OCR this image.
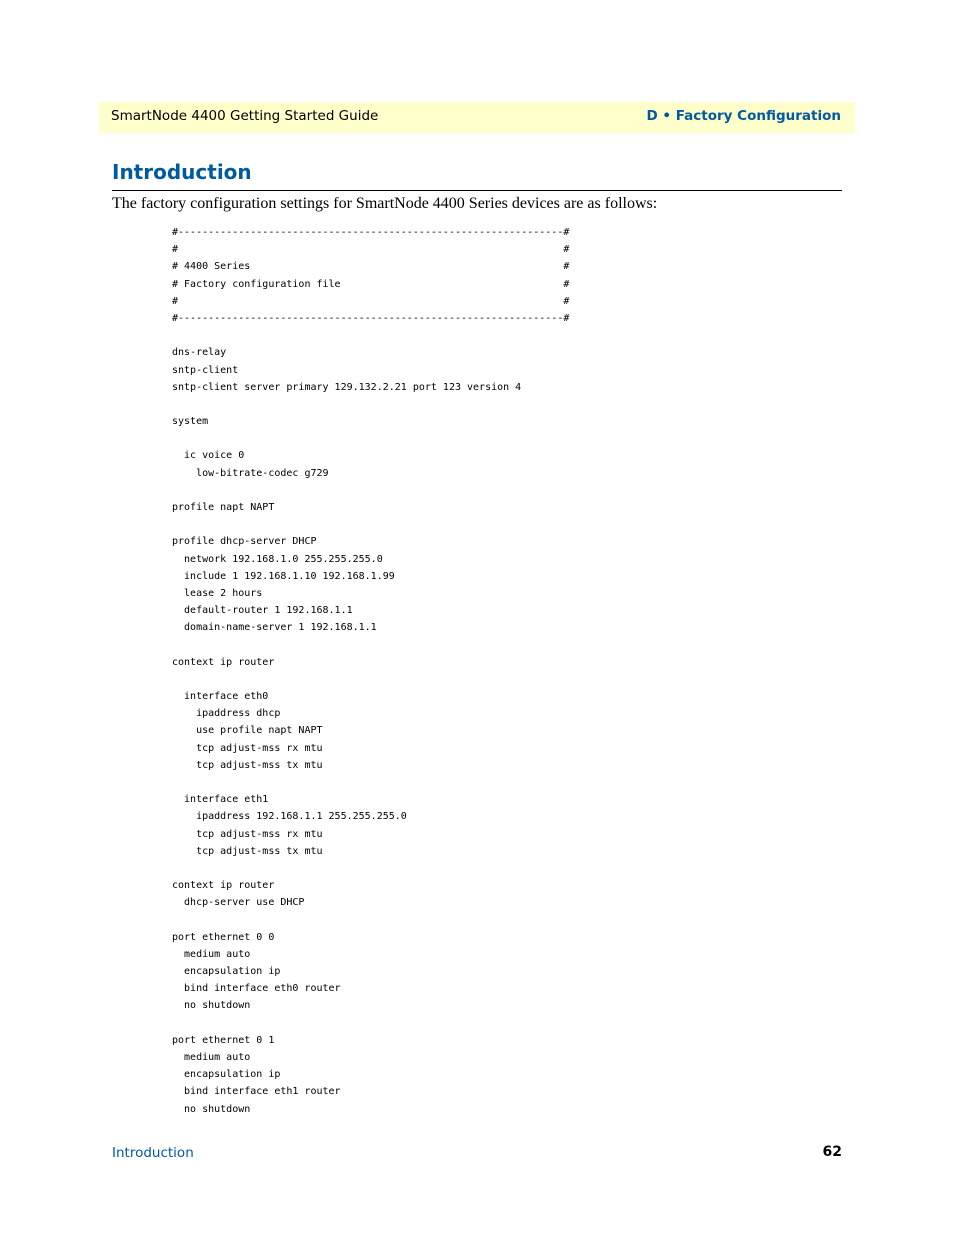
SmartNode 4400 Getting Started Guide	D • Factory Configuration
Introduction

The factory configuration settings for SmartNode 4400 Series devices are as follows:

#----------------------------------------------------------------#
#                                                                #
# 4400 Series                                                    #
# Factory configuration file                                     #
#                                                                #
#----------------------------------------------------------------#
dns-relay
sntp-client
sntp-client server primary 129.132.2.21 port 123 version 4
system
ic voice 0
low-bitrate-codec g729
profile napt NAPT
profile dhcp-server DHCP
network 192.168.1.0 255.255.255.0
include 1 192.168.1.10 192.168.1.99
lease 2 hours
default-router 1 192.168.1.1
domain-name-server 1 192.168.1.1
context ip router
interface eth0
ipaddress dhcp
use profile napt NAPT
tcp adjust-mss rx mtu
tcp adjust-mss tx mtu
interface eth1
ipaddress 192.168.1.1 255.255.255.0
tcp adjust-mss rx mtu
tcp adjust-mss tx mtu
context ip router
dhcp-server use DHCP
port ethernet 0 0
medium auto
encapsulation ip
bind interface eth0 router
no shutdown
port ethernet 0 1
medium auto
encapsulation ip
bind interface eth1 router
no shutdown
Introduction	62
